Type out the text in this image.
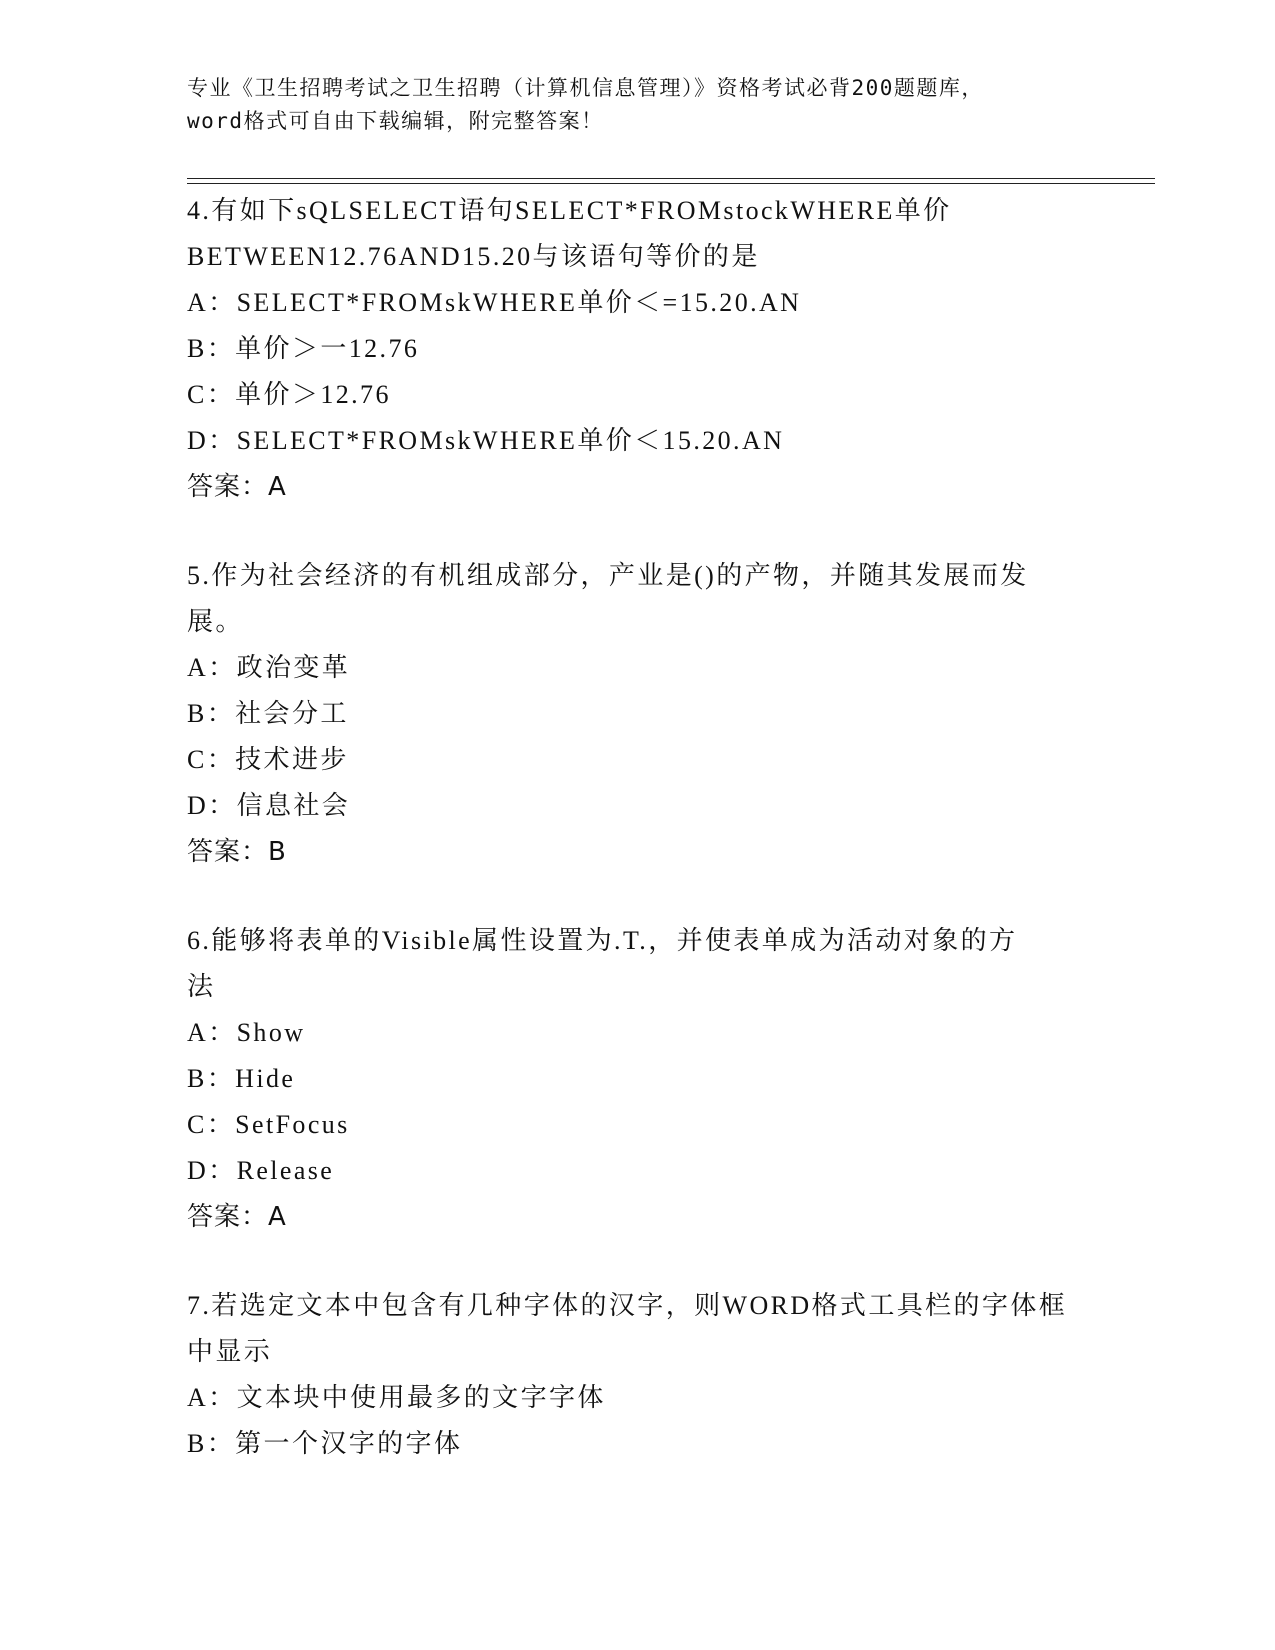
专业《卫生招聘考试之卫生招聘（计算机信息管理）》资格考试必背200题题库，
word格式可自由下载编辑，附完整答案！
4.有如下sQLSELECT语句SELECT*FROMstockWHERE单价
BETWEEN12.76AND15.20与该语句等价的是
A：SELECT*FROMskWHERE单价＜=15.20.AN
B：单价＞一12.76
C：单价＞12.76
D：SELECT*FROMskWHERE单价＜15.20.AN
答案：A
5.作为社会经济的有机组成部分，产业是()的产物，并随其发展而发
展。
A：政治变革
B：社会分工
C：技术进步
D：信息社会
答案：B
6.能够将表单的Visible属性设置为.T.，并使表单成为活动对象的方
法
A：Show
B：Hide
C：SetFocus
D：Release
答案：A
7.若选定文本中包含有几种字体的汉字，则WORD格式工具栏的字体框
中显示
A：文本块中使用最多的文字字体
B：第一个汉字的字体
